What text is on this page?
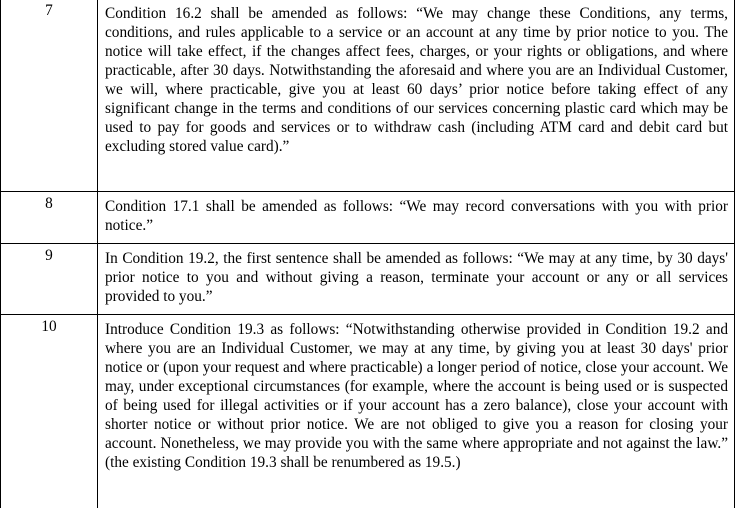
7	Condition 16.2 shall be amended as follows: “We may change these Conditions, any terms, conditions, and rules applicable to a service or an account at any time by prior notice to you. The notice will take effect, if the changes affect fees, charges, or your rights or obligations, and where practicable, after 30 days. Notwithstanding the aforesaid and where you are an Individual Customer, we will, where practicable, give you at least 60 days’ prior notice before taking effect of any significant change in the terms and conditions of our services concerning plastic card which may be used to pay for goods and services or to withdraw cash (including ATM card and debit card but excluding stored value card).”
8	Condition 17.1 shall be amended as follows: “We may record conversations with you with prior notice.”
9	In Condition 19.2, the first sentence shall be amended as follows: “We may at any time, by 30 days' prior notice to you and without giving a reason, terminate your account or any or all services provided to you.”
10	Introduce Condition 19.3 as follows: “Notwithstanding otherwise provided in Condition 19.2 and where you are an Individual Customer, we may at any time, by giving you at least 30 days' prior notice or (upon your request and where practicable) a longer period of notice, close your account. We may, under exceptional circumstances (for example, where the account is being used or is suspected of being used for illegal activities or if your account has a zero balance), close your account with shorter notice or without prior notice. We are not obliged to give you a reason for closing your account. Nonetheless, we may provide you with the same where appropriate and not against the law.” (the existing Condition 19.3 shall be renumbered as 19.5.)
